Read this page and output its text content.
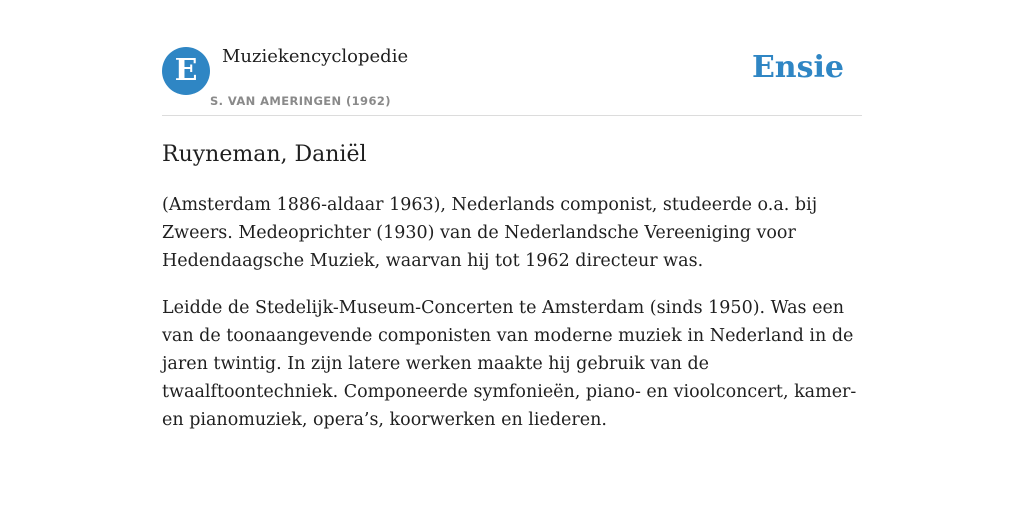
E	Muziekencyclopedie
S. VAN AMERINGEN (1962)
Ensie
Ruyneman, Daniël

(Amsterdam 1886-aldaar 1963), Nederlands componist, studeerde o.a. bij Zweers. Medeoprichter (1930) van de Nederlandsche Vereeniging voor Hedendaagsche Muziek, waarvan hij tot 1962 directeur was.

Leidde de Stedelijk-Museum-Concerten te Amsterdam (sinds 1950). Was een van de toonaangevende componisten van moderne muziek in Nederland in de jaren twintig. In zijn latere werken maakte hij gebruik van de twaalftoontechniek. Componeerde symfonieën, piano- en vioolconcert, kamer- en pianomuziek, opera’s, koorwerken en liederen.
